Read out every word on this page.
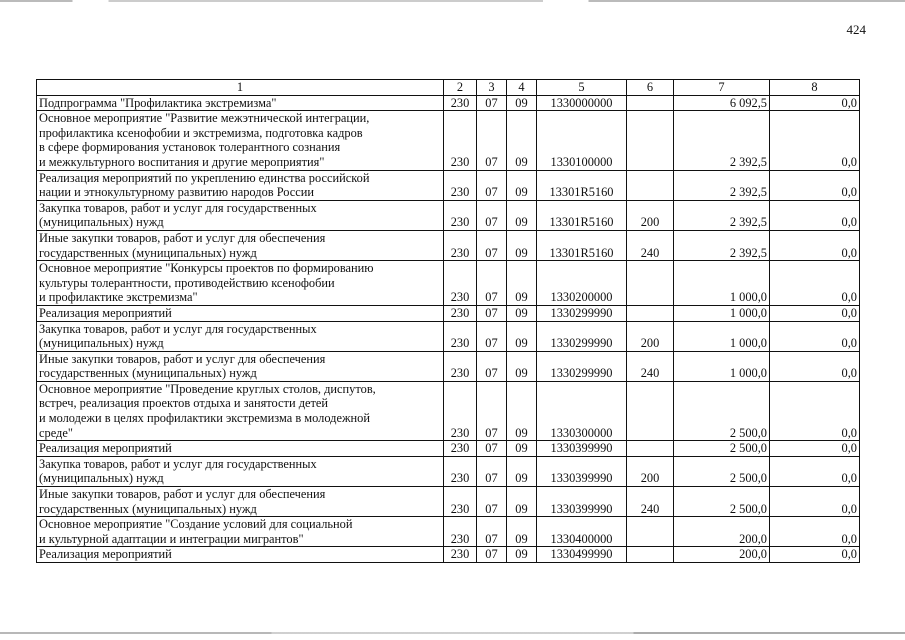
424
1	2	3	4	5	6	7	8
Подпрограмма "Профилактика экстремизма"	230	07	09	1330000000		6 092,5	0,0
Основное мероприятие "Развитие межэтнической интеграции,
профилактика ксенофобии и экстремизма, подготовка кадров
в сфере формирования установок толерантного сознания
и межкультурного воспитания и другие мероприятия"	230	07	09	1330100000		2 392,5	0,0
Реализация мероприятий по укреплению единства российской
нации и этнокультурному развитию народов России	230	07	09	13301R5160		2 392,5	0,0
Закупка товаров, работ и услуг для государственных
(муниципальных) нужд	230	07	09	13301R5160	200	2 392,5	0,0
Иные закупки товаров, работ и услуг для обеспечения
государственных (муниципальных) нужд	230	07	09	13301R5160	240	2 392,5	0,0
Основное мероприятие "Конкурсы проектов по формированию
культуры толерантности, противодействию ксенофобии
и профилактике экстремизма"	230	07	09	1330200000		1 000,0	0,0
Реализация мероприятий	230	07	09	1330299990		1 000,0	0,0
Закупка товаров, работ и услуг для государственных
(муниципальных) нужд	230	07	09	1330299990	200	1 000,0	0,0
Иные закупки товаров, работ и услуг для обеспечения
государственных (муниципальных) нужд	230	07	09	1330299990	240	1 000,0	0,0
Основное мероприятие "Проведение круглых столов, диспутов,
встреч, реализация проектов отдыха и занятости детей
и молодежи в целях профилактики экстремизма в молодежной
среде"	230	07	09	1330300000		2 500,0	0,0
Реализация мероприятий	230	07	09	1330399990		2 500,0	0,0
Закупка товаров, работ и услуг для государственных
(муниципальных) нужд	230	07	09	1330399990	200	2 500,0	0,0
Иные закупки товаров, работ и услуг для обеспечения
государственных (муниципальных) нужд	230	07	09	1330399990	240	2 500,0	0,0
Основное мероприятие "Создание условий для социальной
и культурной адаптации и интеграции мигрантов"	230	07	09	1330400000		200,0	0,0
Реализация мероприятий	230	07	09	1330499990		200,0	0,0
